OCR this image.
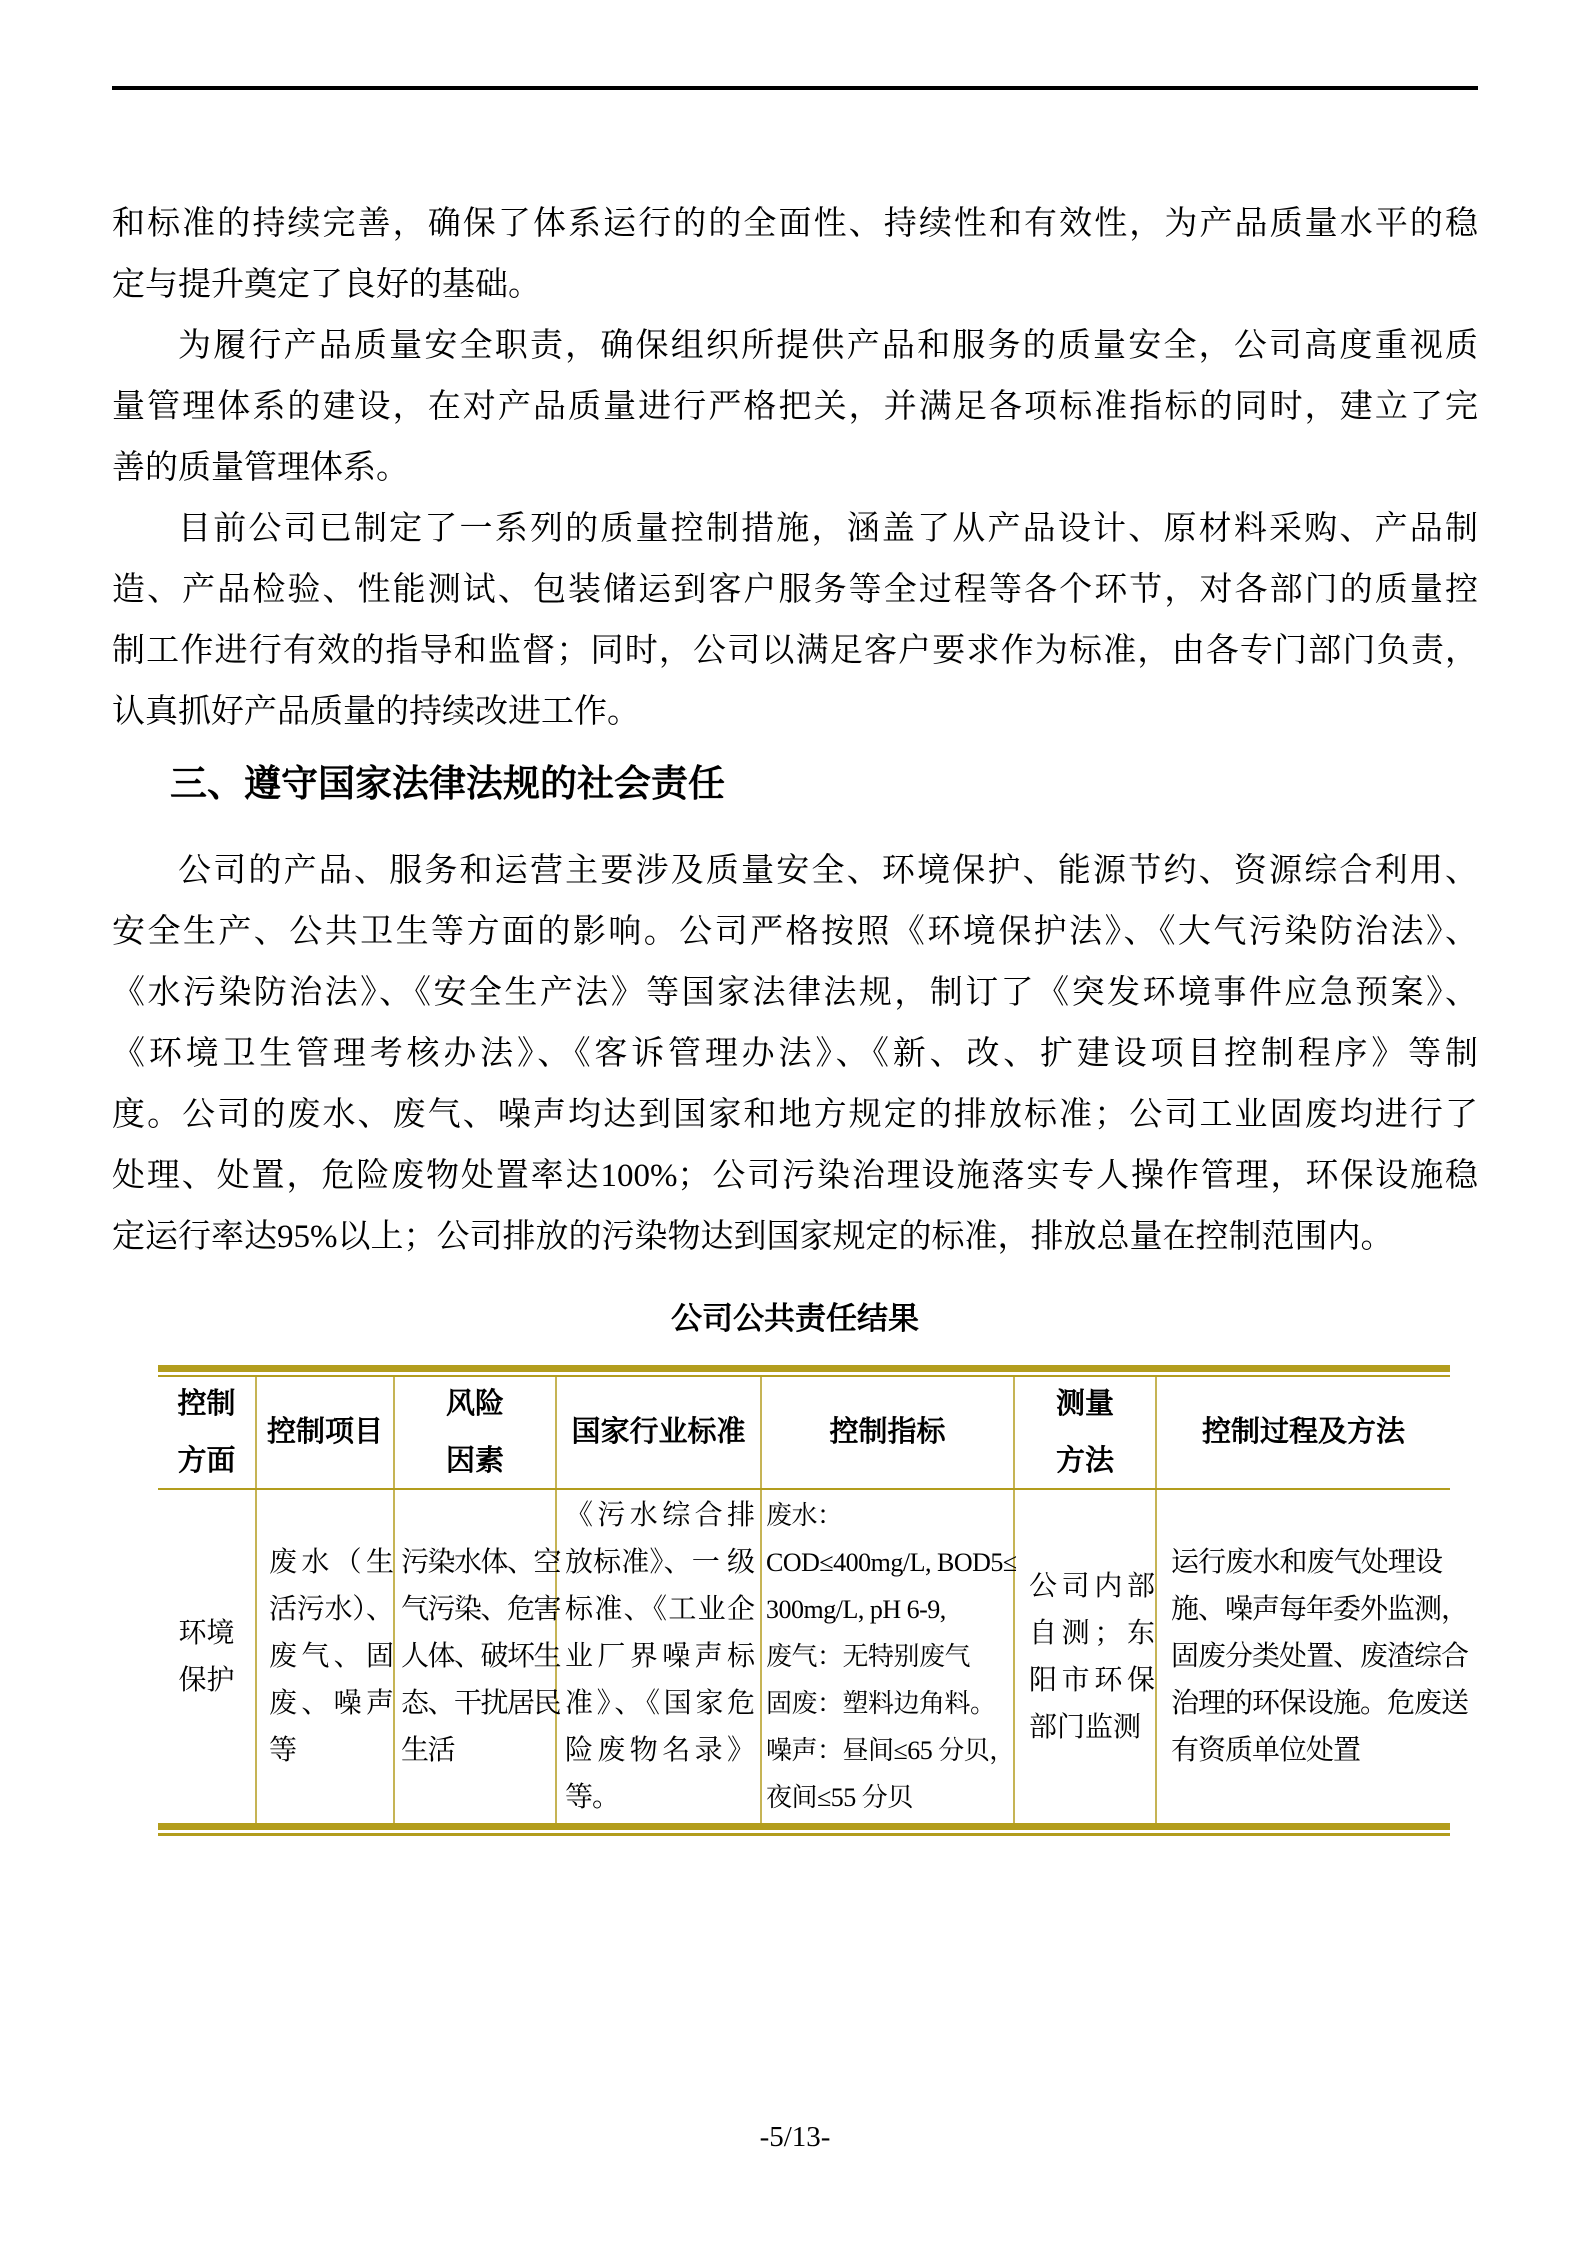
和标准的持续完善，确保了体系运行的的全面性、持续性和有效性，为产品质量水平的稳
定与提升奠定了良好的基础。
为履行产品质量安全职责，确保组织所提供产品和服务的质量安全，公司高度重视质
量管理体系的建设，在对产品质量进行严格把关，并满足各项标准指标的同时，建立了完
善的质量管理体系。
目前公司已制定了一系列的质量控制措施，涵盖了从产品设计、原材料采购、产品制
造、产品检验、性能测试、包装储运到客户服务等全过程等各个环节，对各部门的质量控
制工作进行有效的指导和监督；同时，公司以满足客户要求作为标准，由各专门部门负责，
认真抓好产品质量的持续改进工作。
三、遵守国家法律法规的社会责任
公司的产品、服务和运营主要涉及质量安全、环境保护、能源节约、资源综合利用、
安全生产、公共卫生等方面的影响。公司严格按照《环境保护法》、《大气污染防治法》、
《水污染防治法》、《安全生产法》等国家法律法规，制订了《突发环境事件应急预案》、
《环境卫生管理考核办法》、《客诉管理办法》、《新、改、扩建设项目控制程序》等制
度。公司的废水、废气、噪声均达到国家和地方规定的排放标准；公司工业固废均进行了
处理、处置，危险废物处置率达100%；公司污染治理设施落实专人操作管理，环保设施稳
定运行率达95%以上；公司排放的污染物达到国家规定的标准，排放总量在控制范围内。
公司公共责任结果
控制
方面
控制项目
风险
因素
国家行业标准	控制指标
测量
方法
控制过程及方法
环境
保护
废水（生
活污水）、
废气、固
废、噪声
等
污染水体、空
气污染、危害
人体、破坏生
态、干扰居民
生活
《污水综合排
放标准》、一 级
标准、《工业企
业厂界噪声标
准》、《国家危
险废物名录》
等。
废水：
COD≤400mg/L, BOD5≤
300mg/L, pH 6-9,
废气：无特别废气
固废：塑料边角料。
噪声：昼间≤65 分贝，
夜间≤55 分贝
公司内部
自测；东
阳市环保
部门监测
运行废水和废气处理设
施、噪声每年委外监测，
固废分类处置、废渣综合
治理的环保设施。危废送
有资质单位处置
-5/13-
